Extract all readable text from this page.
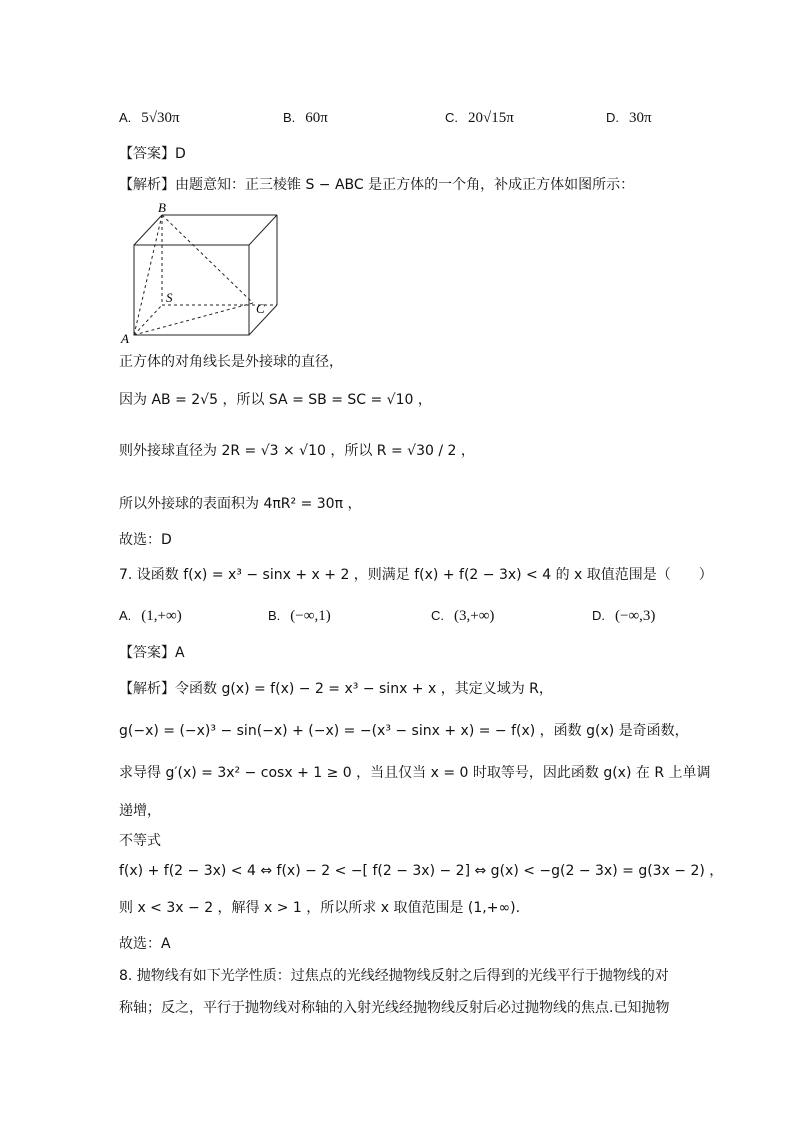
A. 5√30π	B. 60π	C. 20√15π	D. 30π
【答案】D
【解析】由题意知：正三棱锥 S − ABC 是正方体的一个角，补成正方体如图所示：
B
S
C
A
正方体的对角线长是外接球的直径，
因为 AB = 2√5 ，所以 SA = SB = SC = √10 ，
则外接球直径为 2R = √3 × √10 ，所以 R = √30 / 2 ，
所以外接球的表面积为 4πR² = 30π ，
故选：D
7. 设函数 f(x) = x³ − sinx + x + 2 ，则满足 f(x) + f(2 − 3x) < 4 的 x 取值范围是（　　）
A. (1,+∞)	B. (−∞,1)	C. (3,+∞)	D. (−∞,3)
【答案】A
【解析】令函数 g(x) = f(x) − 2 = x³ − sinx + x ，其定义域为 R，
g(−x) = (−x)³ − sin(−x) + (−x) = −(x³ − sinx + x) = − f(x) ，函数 g(x) 是奇函数，
求导得 g′(x) = 3x² − cosx + 1 ≥ 0 ，当且仅当 x = 0 时取等号，因此函数 g(x) 在 R 上单调
递增，
不等式
f(x) + f(2 − 3x) < 4 ⇔ f(x) − 2 < −[ f(2 − 3x) − 2] ⇔ g(x) < −g(2 − 3x) = g(3x − 2) ，
则 x < 3x − 2 ，解得 x > 1 ，所以所求 x 取值范围是 (1,+∞).
故选：A
8. 抛物线有如下光学性质：过焦点的光线经抛物线反射之后得到的光线平行于抛物线的对
称轴；反之，平行于抛物线对称轴的入射光线经抛物线反射后必过抛物线的焦点.已知抛物
